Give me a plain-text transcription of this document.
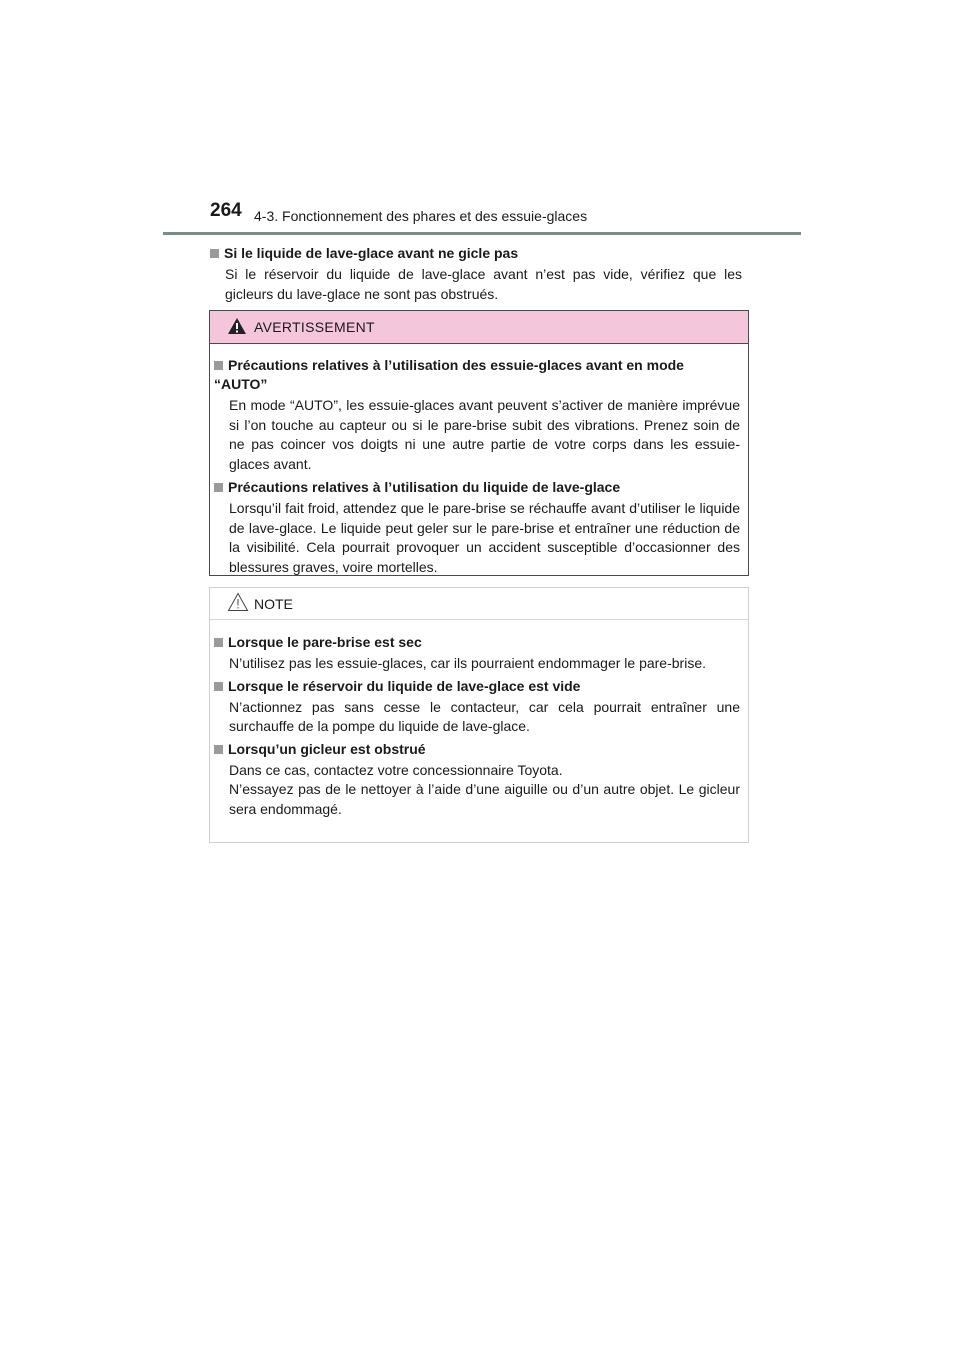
264 4-3. Fonctionnement des phares et des essuie-glaces
Si le liquide de lave-glace avant ne gicle pas
Si le réservoir du liquide de lave-glace avant n’est pas vide, vérifiez que les gicleurs du lave-glace ne sont pas obstrués.
AVERTISSEMENT
Précautions relatives à l’utilisation des essuie-glaces avant en mode “AUTO”
En mode “AUTO”, les essuie-glaces avant peuvent s’activer de manière imprévue si l’on touche au capteur ou si le pare-brise subit des vibrations. Prenez soin de ne pas coincer vos doigts ni une autre partie de votre corps dans les essuie-glaces avant.
Précautions relatives à l’utilisation du liquide de lave-glace
Lorsqu’il fait froid, attendez que le pare-brise se réchauffe avant d’utiliser le liquide de lave-glace. Le liquide peut geler sur le pare-brise et entraîner une réduction de la visibilité. Cela pourrait provoquer un accident susceptible d’occasionner des blessures graves, voire mortelles.
NOTE
Lorsque le pare-brise est sec
N’utilisez pas les essuie-glaces, car ils pourraient endommager le pare-brise.
Lorsque le réservoir du liquide de lave-glace est vide
N’actionnez pas sans cesse le contacteur, car cela pourrait entraîner une surchauffe de la pompe du liquide de lave-glace.
Lorsqu’un gicleur est obstrué
Dans ce cas, contactez votre concessionnaire Toyota.
N’essayez pas de le nettoyer à l’aide d’une aiguille ou d’un autre objet. Le gicleur sera endommagé.
